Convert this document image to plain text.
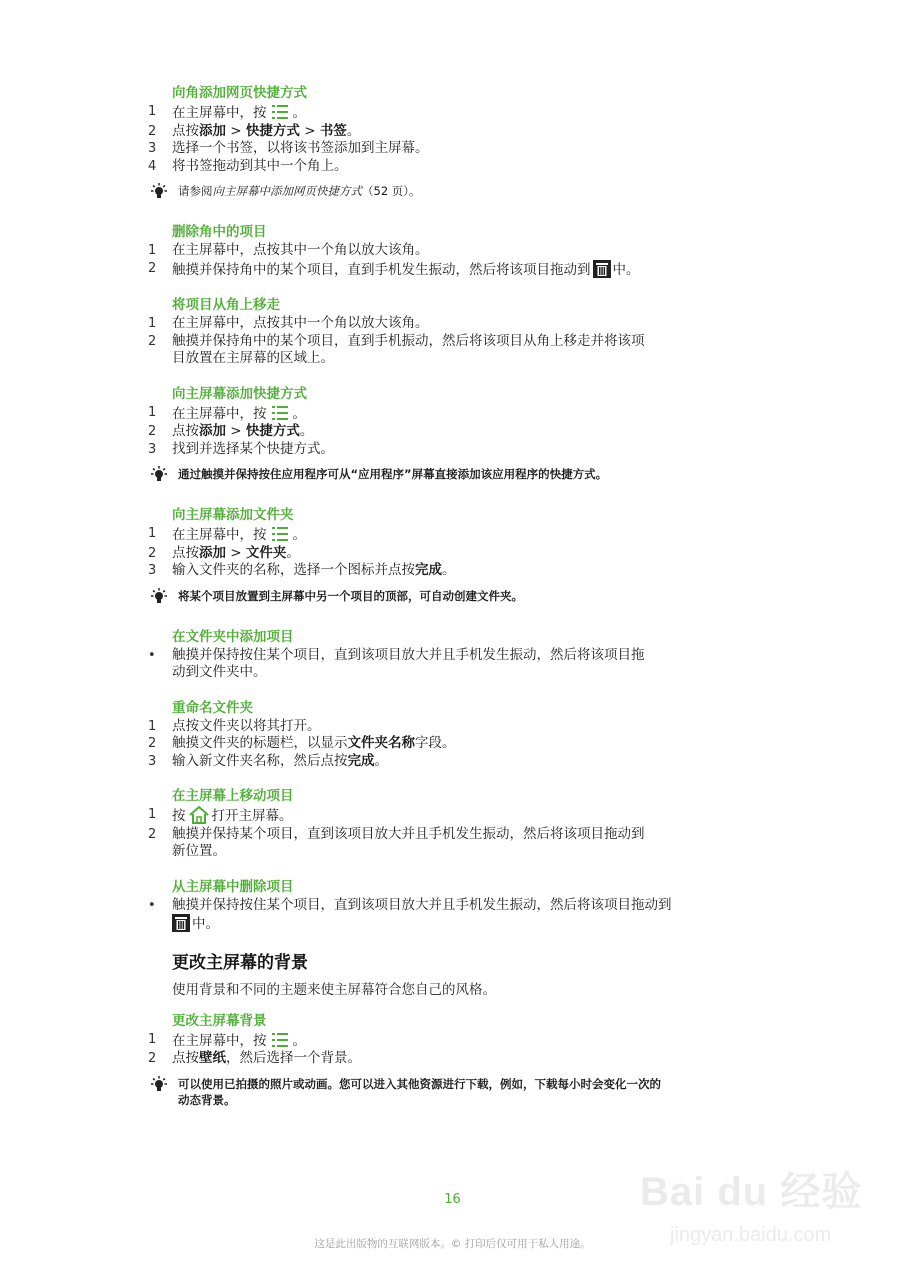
向角添加网页快捷方式

1	在主屏幕中，按 。
2	点按添加 > 快捷方式 > 书签。
3	选择一个书签，以将该书签添加到主屏幕。
4	将书签拖动到其中一个角上。
请参阅向主屏幕中添加网页快捷方式（52 页）。

删除角中的项目

1	在主屏幕中，点按其中一个角以放大该角。
2	触摸并保持角中的某个项目，直到手机发生振动，然后将该项目拖动到 中。

将项目从角上移走

1	在主屏幕中，点按其中一个角以放大该角。
2	触摸并保持角中的某个项目，直到手机振动，然后将该项目从角上移走并将该项
目放置在主屏幕的区域上。

向主屏幕添加快捷方式

1	在主屏幕中，按 。
2	点按添加 > 快捷方式。
3	找到并选择某个快捷方式。
通过触摸并保持按住应用程序可从“应用程序”屏幕直接添加该应用程序的快捷方式。

向主屏幕添加文件夹

1	在主屏幕中，按 。
2	点按添加 > 文件夹。
3	输入文件夹的名称，选择一个图标并点按完成。
将某个项目放置到主屏幕中另一个项目的顶部，可自动创建文件夹。

在文件夹中添加项目

•	触摸并保持按住某个项目，直到该项目放大并且手机发生振动，然后将该项目拖
动到文件夹中。

重命名文件夹

1	点按文件夹以将其打开。
2	触摸文件夹的标题栏，以显示文件夹名称字段。
3	输入新文件夹名称，然后点按完成。

在主屏幕上移动项目

1	按 打开主屏幕。
2	触摸并保持某个项目，直到该项目放大并且手机发生振动，然后将该项目拖动到
新位置。

从主屏幕中删除项目

•	触摸并保持按住某个项目，直到该项目放大并且手机发生振动，然后将该项目拖动到
中。

更改主屏幕的背景

使用背景和不同的主题来使主屏幕符合您自己的风格。

更改主屏幕背景

1	在主屏幕中，按 。
2	点按壁纸，然后选择一个背景。
可以使用已拍摄的照片或动画。您可以进入其他资源进行下载，例如，下载每小时会变化一次的
动态背景。
16	Bai du 经验
jingyan.baidu.com
这是此出版物的互联网版本。© 打印后仅可用于私人用途。
